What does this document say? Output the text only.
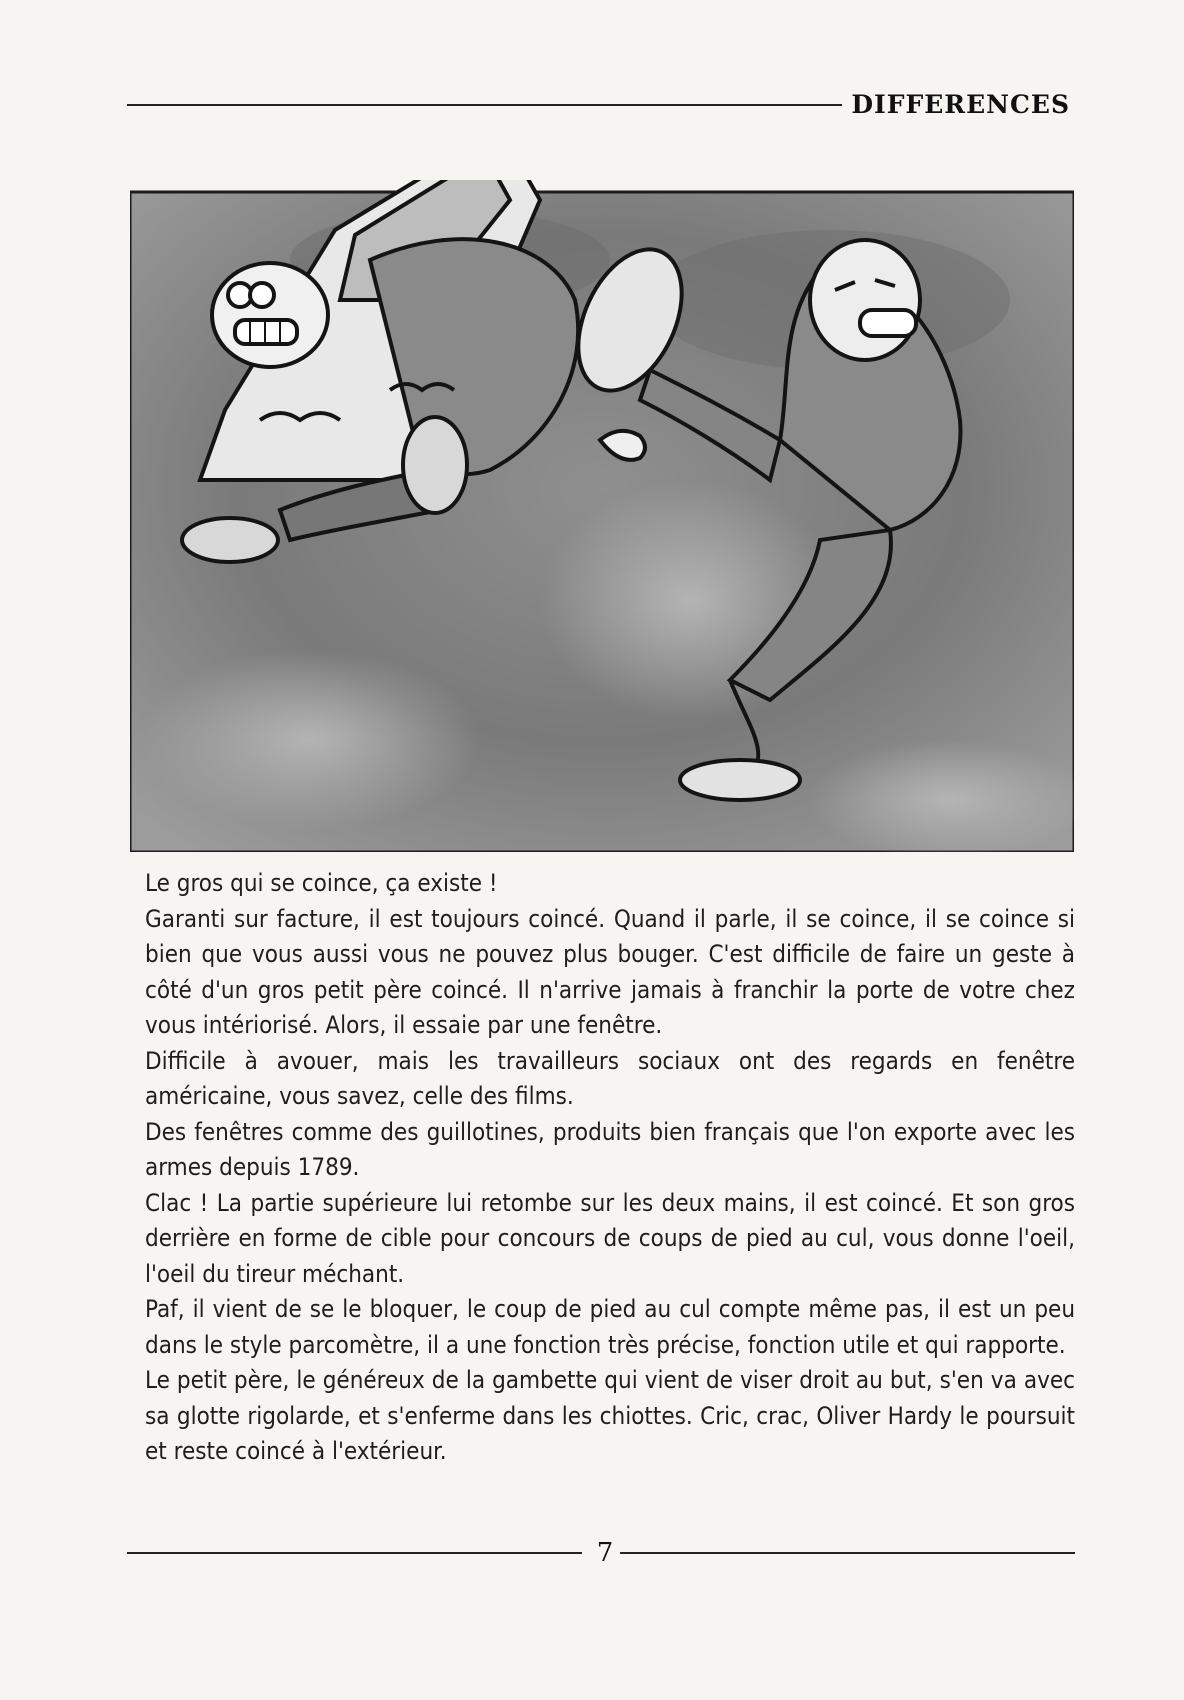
DIFFERENCES

Le gros qui se coince, ça existe !

Garanti sur facture, il est toujours coincé. Quand il parle, il se coince, il se coince si bien que vous aussi vous ne pouvez plus bouger. C'est difficile de faire un geste à côté d'un gros petit père coincé. Il n'arrive jamais à franchir la porte de votre chez vous intériorisé. Alors, il essaie par une fenêtre.

Difficile à avouer, mais les travailleurs sociaux ont des regards en fenêtre américaine, vous savez, celle des films.

Des fenêtres comme des guillotines, produits bien français que l'on exporte avec les armes depuis 1789.

Clac ! La partie supérieure lui retombe sur les deux mains, il est coincé. Et son gros derrière en forme de cible pour concours de coups de pied au cul, vous donne l'oeil, l'oeil du tireur méchant.

Paf, il vient de se le bloquer, le coup de pied au cul compte même pas, il est un peu dans le style parcomètre, il a une fonction très précise, fonction utile et qui rapporte.

Le petit père, le généreux de la gambette qui vient de viser droit au but, s'en va avec sa glotte rigolarde, et s'enferme dans les chiottes. Cric, crac, Oliver Hardy le poursuit et reste coincé à l'extérieur.

7
